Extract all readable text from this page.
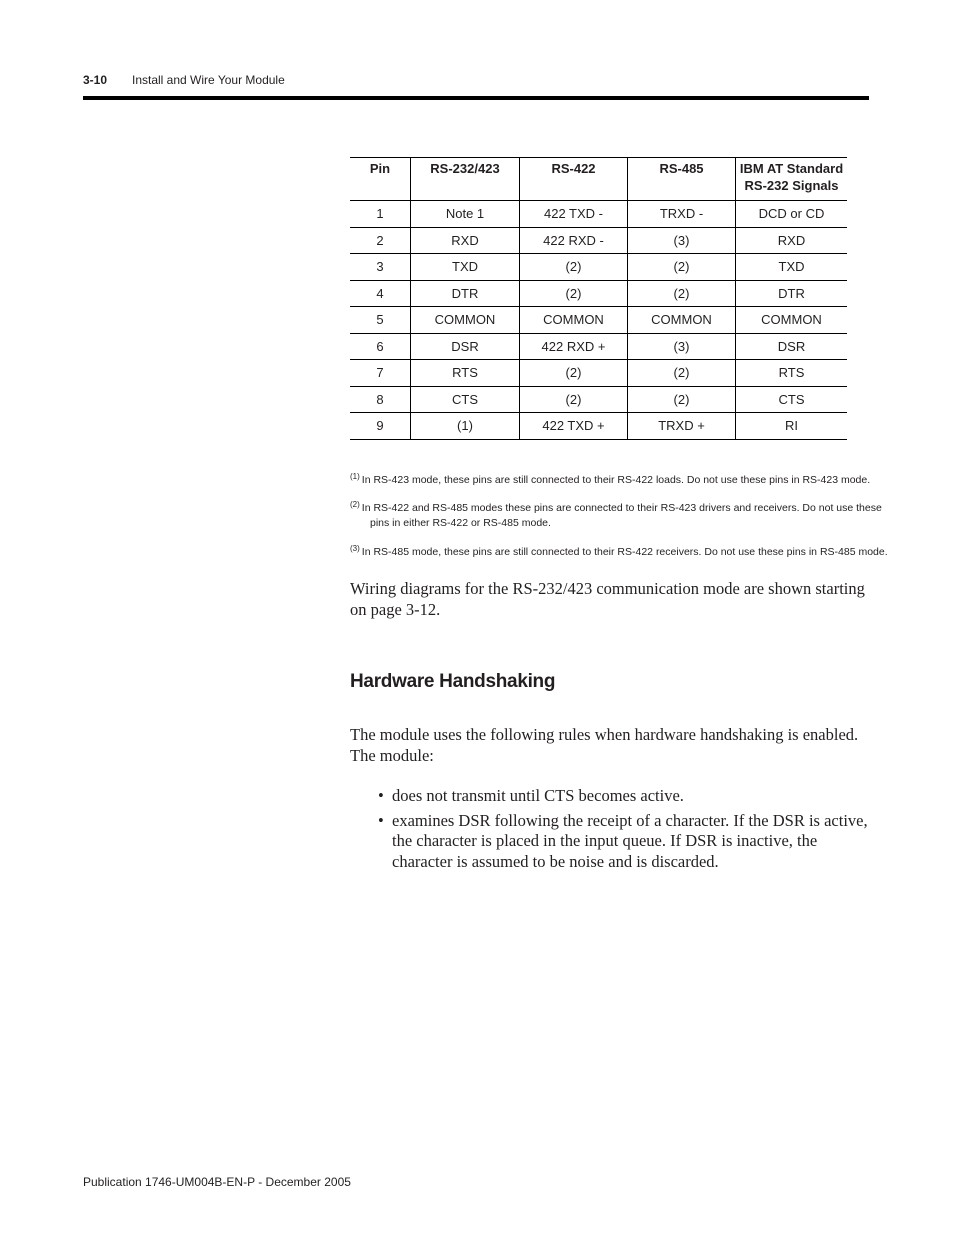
3-10 Install and Wire Your Module
Pin	RS-232/423	RS-422	RS-485	IBM AT Standard RS-232 Signals
1	Note 1	422 TXD -	TRXD -	DCD or CD
2	RXD	422 RXD -	(3)	RXD
3	TXD	(2)	(2)	TXD
4	DTR	(2)	(2)	DTR
5	COMMON	COMMON	COMMON	COMMON
6	DSR	422 RXD +	(3)	DSR
7	RTS	(2)	(2)	RTS
8	CTS	(2)	(2)	CTS
9	(1)	422 TXD +	TRXD +	RI
$^{(1)}$ In RS-423 mode, these pins are still connected to their RS-422 loads. Do not use these pins in RS-423 mode.
$^{(2)}$ In RS-422 and RS-485 modes these pins are connected to their RS-423 drivers and receivers. Do not use these
pins in either RS-422 or RS-485 mode.
$^{(3)}$ In RS-485 mode, these pins are still connected to their RS-422 receivers. Do not use these pins in RS-485 mode.
Wiring diagrams for the RS-232/423 communication mode are shown starting on page 3-12.
Hardware Handshaking
The module uses the following rules when hardware handshaking is enabled. The module:
• does not transmit until CTS becomes active.
• examines DSR following the receipt of a character. If the DSR is active, the character is placed in the input queue. If DSR is inactive, the character is assumed to be noise and is discarded.
Publication 1746-UM004B-EN-P - December 2005
